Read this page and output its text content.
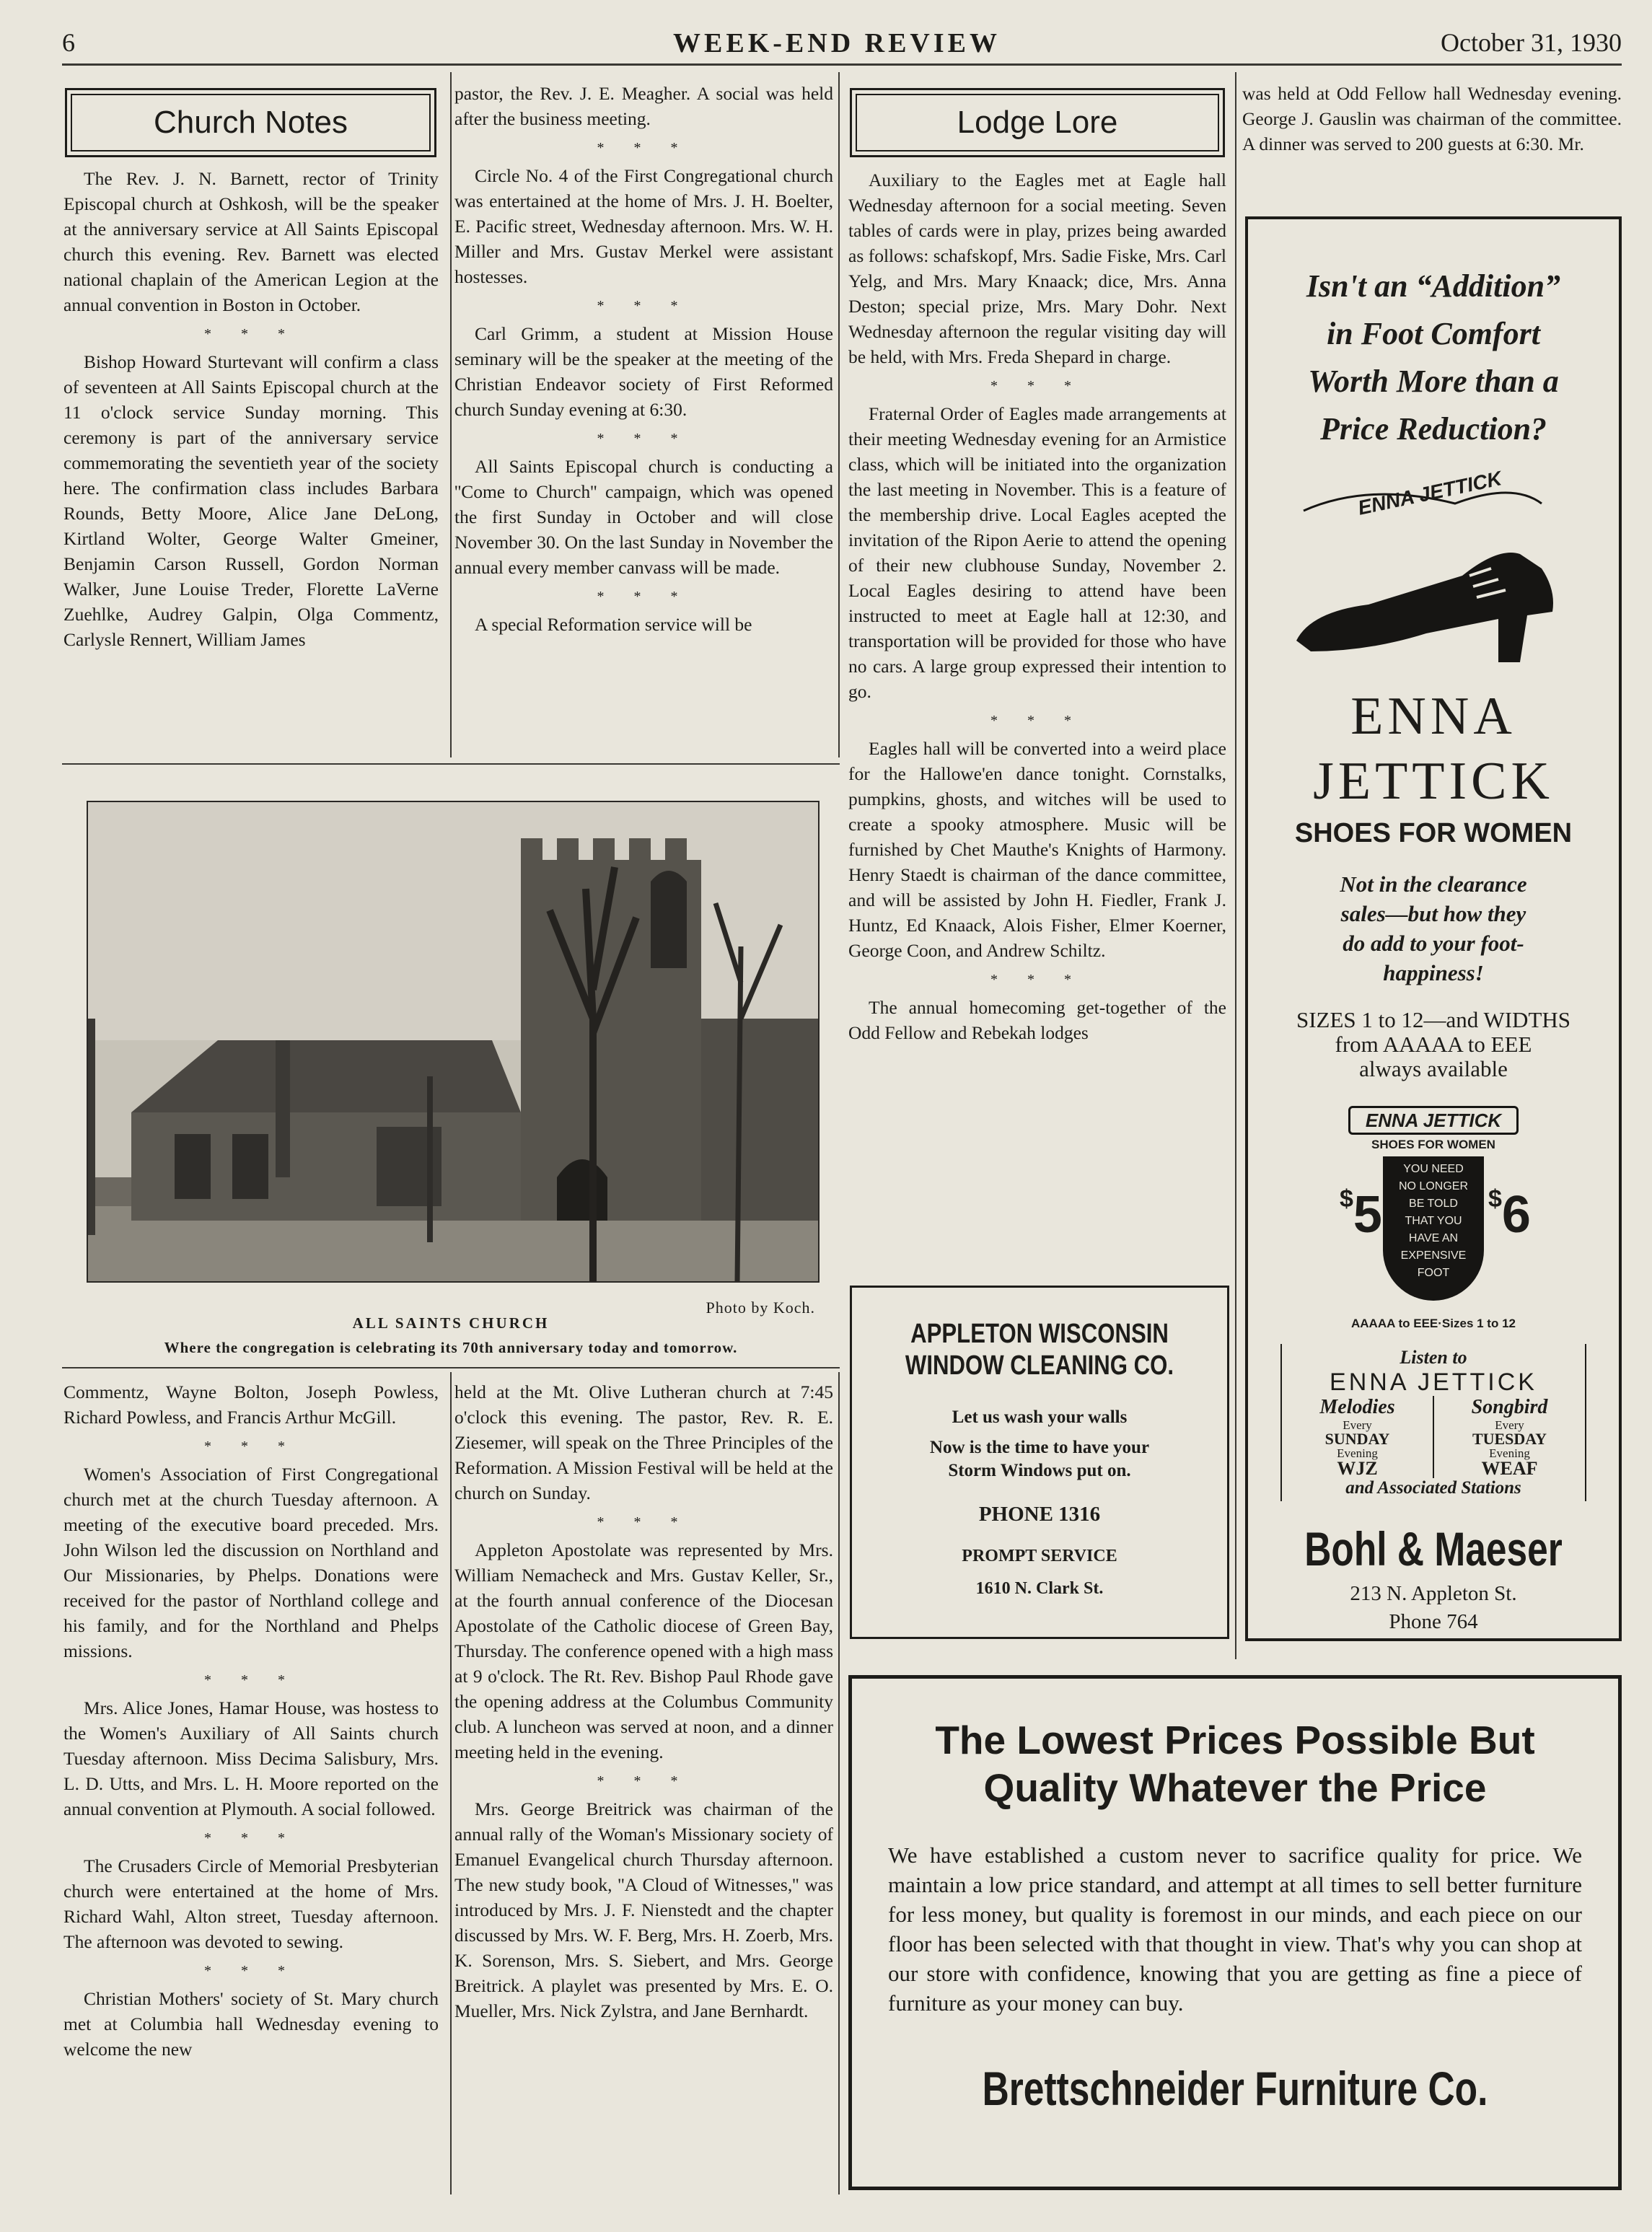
6	WEEK-END REVIEW	October 31, 1930
Church Notes

The Rev. J. N. Barnett, rector of Trinity Episcopal church at Oshkosh, will be the speaker at the anniversary service at All Saints Episcopal church this evening. Rev. Barnett was elected national chaplain of the American Legion at the annual convention in Boston in October.

* * *

Bishop Howard Sturtevant will confirm a class of seventeen at All Saints Episcopal church at the 11 o'clock service Sunday morning. This ceremony is part of the anniversary service commemorating the seventieth year of the society here. The confirmation class includes Barbara Rounds, Betty Moore, Alice Jane DeLong, Kirtland Wolter, George Walter Gmeiner, Benjamin Carson Russell, Gordon Norman Walker, June Louise Treder, Florette LaVerne Zuehlke, Audrey Galpin, Olga Commentz, Carlysle Rennert, William James

pastor, the Rev. J. E. Meagher. A social was held after the business meeting.

* * *

Circle No. 4 of the First Congregational church was entertained at the home of Mrs. J. H. Boelter, E. Pacific street, Wednesday afternoon. Mrs. W. H. Miller and Mrs. Gustav Merkel were assistant hostesses.

* * *

Carl Grimm, a student at Mission House seminary will be the speaker at the meeting of the Christian Endeavor society of First Reformed church Sunday evening at 6:30.

* * *

All Saints Episcopal church is conducting a ''Come to Church'' campaign, which was opened the first Sunday in October and will close November 30. On the last Sunday in November the annual every member canvass will be made.

* * *

A special Reformation service will be

Photo by Koch.
ALL SAINTS CHURCH
Where the congregation is celebrating its 70th anniversary today and tomorrow.

Commentz, Wayne Bolton, Joseph Powless, Richard Powless, and Francis Arthur McGill.

* * *

Women's Association of First Congregational church met at the church Tuesday afternoon. A meeting of the executive board preceded. Mrs. John Wilson led the discussion on Northland and Our Missionaries, by Phelps. Donations were received for the pastor of Northland college and his family, and for the Northland and Phelps missions.

* * *

Mrs. Alice Jones, Hamar House, was hostess to the Women's Auxiliary of All Saints church Tuesday afternoon. Miss Decima Salisbury, Mrs. L. D. Utts, and Mrs. L. H. Moore reported on the annual convention at Plymouth. A social followed.

* * *

The Crusaders Circle of Memorial Presbyterian church were entertained at the home of Mrs. Richard Wahl, Alton street, Tuesday afternoon. The afternoon was devoted to sewing.

* * *

Christian Mothers' society of St. Mary church met at Columbia hall Wednesday evening to welcome the new

held at the Mt. Olive Lutheran church at 7:45 o'clock this evening. The pastor, Rev. R. E. Ziesemer, will speak on the Three Principles of the Reformation. A Mission Festival will be held at the church on Sunday.

* * *

Appleton Apostolate was represented by Mrs. William Nemacheck and Mrs. Gustav Keller, Sr., at the fourth annual conference of the Diocesan Apostolate of the Catholic diocese of Green Bay, Thursday. The conference opened with a high mass at 9 o'clock. The Rt. Rev. Bishop Paul Rhode gave the opening address at the Columbus Community club. A luncheon was served at noon, and a dinner meeting held in the evening.

* * *

Mrs. George Breitrick was chairman of the annual rally of the Woman's Missionary society of Emanuel Evangelical church Thursday afternoon. The new study book, ''A Cloud of Witnesses,'' was introduced by Mrs. J. F. Nienstedt and the chapter discussed by Mrs. W. F. Berg, Mrs. H. Zoerb, Mrs. K. Sorenson, Mrs. S. Siebert, and Mrs. George Breitrick. A playlet was presented by Mrs. E. O. Mueller, Mrs. Nick Zylstra, and Jane Bernhardt.

Lodge Lore

Auxiliary to the Eagles met at Eagle hall Wednesday afternoon for a social meeting. Seven tables of cards were in play, prizes being awarded as follows: schafskopf, Mrs. Sadie Fiske, Mrs. Carl Yelg, and Mrs. Mary Knaack; dice, Mrs. Anna Deston; special prize, Mrs. Mary Dohr. Next Wednesday afternoon the regular visiting day will be held, with Mrs. Freda Shepard in charge.

* * *

Fraternal Order of Eagles made arrangements at their meeting Wednesday evening for an Armistice class, which will be initiated into the organization the last meeting in November. This is a feature of the membership drive. Local Eagles acepted the invitation of the Ripon Aerie to attend the opening of their new clubhouse Sunday, November 2. Local Eagles desiring to attend have been instructed to meet at Eagle hall at 12:30, and transportation will be provided for those who have no cars. A large group expressed their intention to go.

* * *

Eagles hall will be converted into a weird place for the Hallowe'en dance tonight. Cornstalks, pumpkins, ghosts, and witches will be used to create a spooky atmosphere. Music will be furnished by Chet Mauthe's Knights of Harmony. Henry Staedt is chairman of the dance committee, and will be assisted by John H. Fiedler, Frank J. Huntz, Ed Knaack, Alois Fisher, Elmer Koerner, George Coon, and Andrew Schiltz.

* * *

The annual homecoming get-together of the Odd Fellow and Rebekah lodges

was held at Odd Fellow hall Wednesday evening. George J. Gauslin was chairman of the committee. A dinner was served to 200 guests at 6:30. Mr.

APPLETON WISCONSIN
WINDOW CLEANING CO.
Let us wash your walls
Now is the time to have your
Storm Windows put on.
PHONE 1316
PROMPT SERVICE
1610 N. Clark St.
Isn't an “Addition”
in Foot Comfort
Worth More than a
Price Reduction?
ENNA JETTICK
ENNA
JETTICK
SHOES FOR WOMEN
Not in the clearance
sales—but how they
do add to your foot-
happiness!
SIZES 1 to 12—and WIDTHS
from AAAAA to EEE
always available
ENNA JETTICK
SHOES FOR WOMEN
YOU NEED
NO LONGER
BE TOLD
THAT YOU
HAVE AN
EXPENSIVE
FOOT
$5	$6
AAAAA to EEE·Sizes 1 to 12
Listen to
ENNA JETTICK
Melodies
Every
SUNDAY
Evening
WJZ
Songbird
Every
TUESDAY
Evening
WEAF
and Associated Stations
Bohl & Maeser
213 N. Appleton St.
Phone 764
The Lowest Prices Possible But
Quality Whatever the Price
We have established a custom never to sacrifice quality for price. We maintain a low price standard, and attempt at all times to sell better furniture for less money, but quality is foremost in our minds, and each piece on our floor has been selected with that thought in view. That's why you can shop at our store with confidence, knowing that you are getting as fine a piece of furniture as your money can buy.
Brettschneider Furniture Co.
